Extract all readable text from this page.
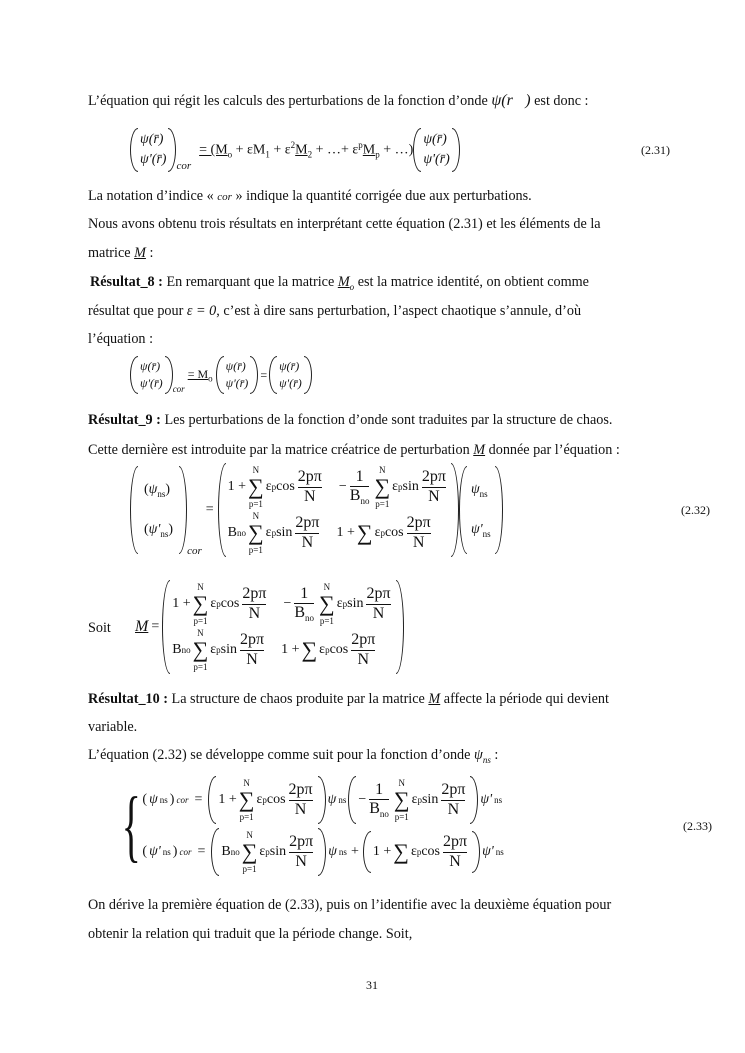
L’équation qui régit les calculs des perturbations de la fonction d’onde ψ(r⃗) est donc :
ψ(r̄)
ψ'(r̄) cor
= ($M_o + \varepsilon M_1 + \varepsilon^2M_2$ + …+ $\varepsilon^pM_p$ + …)
ψ(r̄)
ψ'(r̄)
(2.31)
La notation d’indice « cor » indique la quantité corrigée due aux perturbations.
Nous avons obtenu trois résultats en interprétant cette équation (2.31) et les éléments de la
matrice M :
Résultat_8 : En remarquant que la matrice $M_o$ est la matrice identité, on obtient comme
résultat que pour ε = 0, c’est à dire sans perturbation, l’aspect chaotique s’annule, d’où
l’équation :
ψ(r̄)
ψ'(r̄) cor
= $M_o$
ψ(r̄)
ψ'(r̄)
=
ψ(r̄)
ψ'(r̄)
Résultat_9 : Les perturbations de la fonction d’onde sont traduites par la structure de chaos.
Cette dernière est introduite par la matrice créatrice de perturbation M donnée par l’équation :
$(\psi_{ns})$
$(\psi'_{ns})$
cor
=
1 +
N
∑
p=1
ε p $\cos \frac{2p\pi}{N} - \frac{1}{B_{no}}$ N
∑
p=1
ε p $\sin \frac{2p\pi}{N}$
B no
N
∑
p=1
ε p $\sin \frac{2p\pi}{N} 1$ + ∑ ε p $\cos \frac{2p\pi}{N}$
$\psi_{ns}$
$\psi'_{ns}$
(2.32)
Soit M =
1 +
N
∑
p=1
ε p $\cos \frac{2p\pi}{N} - \frac{1}{B_{no}}$ N
∑
p=1
ε p $\sin \frac{2p\pi}{N}$
B no
N
∑
p=1
ε p $\sin \frac{2p\pi}{N} 1$ + ∑ ε p $\cos \frac{2p\pi}{N}$
Résultat_10 : La structure de chaos produite par la matrice M affecte la période qui devient
variable.
L’équation (2.32) se développe comme suit pour la fonction d’onde $\psi_{ns}$ :
{ ( ψ ns ) cor = 1 +
N
∑
p=1
ε p $\cos \frac{2p\pi}{N}$ ψ ns − $\frac{1}{B_{no}}$ N
∑
p=1
ε p $\sin \frac{2p\pi}{N} \psi'$ ns
( ψ' ns ) cor = B no
N
∑
p=1
ε p $\sin \frac{2p\pi}{N}$ ψ ns + 1 + ∑ ε p $\cos \frac{2p\pi}{N} \psi'$ ns
(2.33)
On dérive la première équation de (2.33), puis on l’identifie avec la deuxième équation pour
obtenir la relation qui traduit que la période change. Soit,
31
